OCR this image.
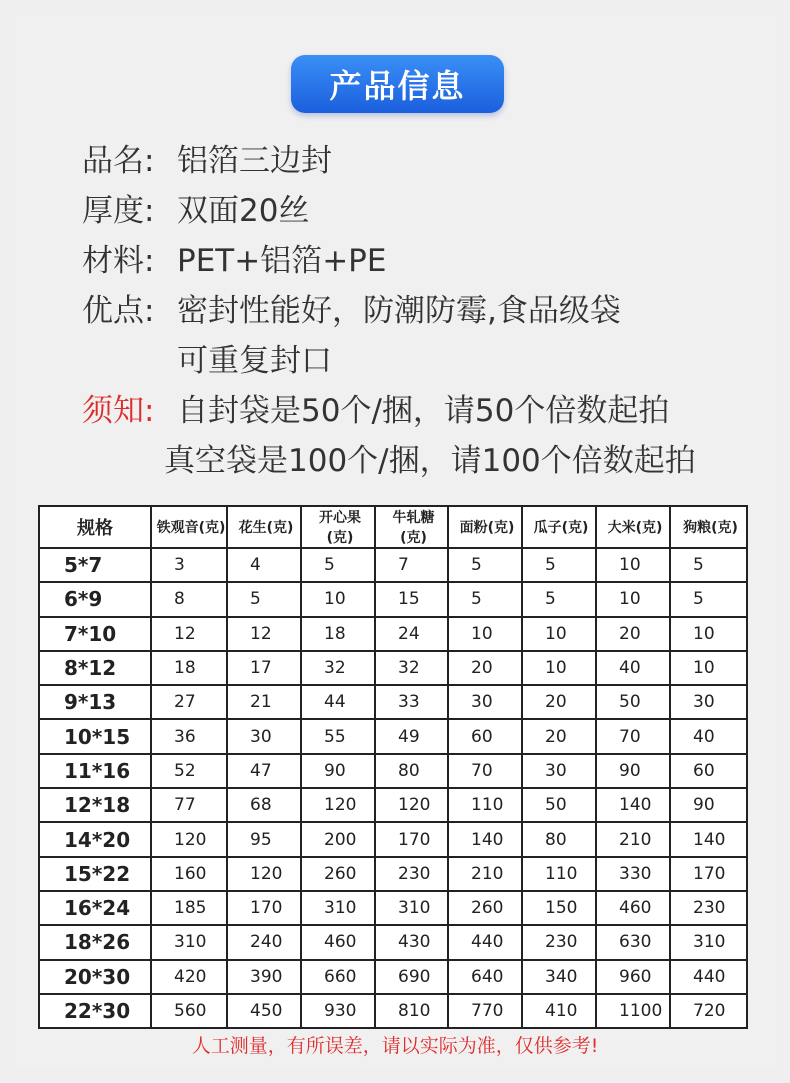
产品信息
品名: 铝箔三边封
厚度: 双面20丝
材料: PET+铝箔+PE
优点: 密封性能好，防潮防霉,食品级袋
可重复封口
须知: 自封袋是50个/捆，请50个倍数起拍
真空袋是100个/捆，请100个倍数起拍
规格	铁观音(克)	花生(克)	开心果(克)	牛轧糖(克)	面粉(克)	瓜子(克)	大米(克)	狗粮(克)
5*7	3	4	5	7	5	5	10	5
6*9	8	5	10	15	5	5	10	5
7*10	12	12	18	24	10	10	20	10
8*12	18	17	32	32	20	10	40	10
9*13	27	21	44	33	30	20	50	30
10*15	36	30	55	49	60	20	70	40
11*16	52	47	90	80	70	30	90	60
12*18	77	68	120	120	110	50	140	90
14*20	120	95	200	170	140	80	210	140
15*22	160	120	260	230	210	110	330	170
16*24	185	170	310	310	260	150	460	230
18*26	310	240	460	430	440	230	630	310
20*30	420	390	660	690	640	340	960	440
22*30	560	450	930	810	770	410	1100	720
人工测量，有所误差，请以实际为准，仅供参考!
